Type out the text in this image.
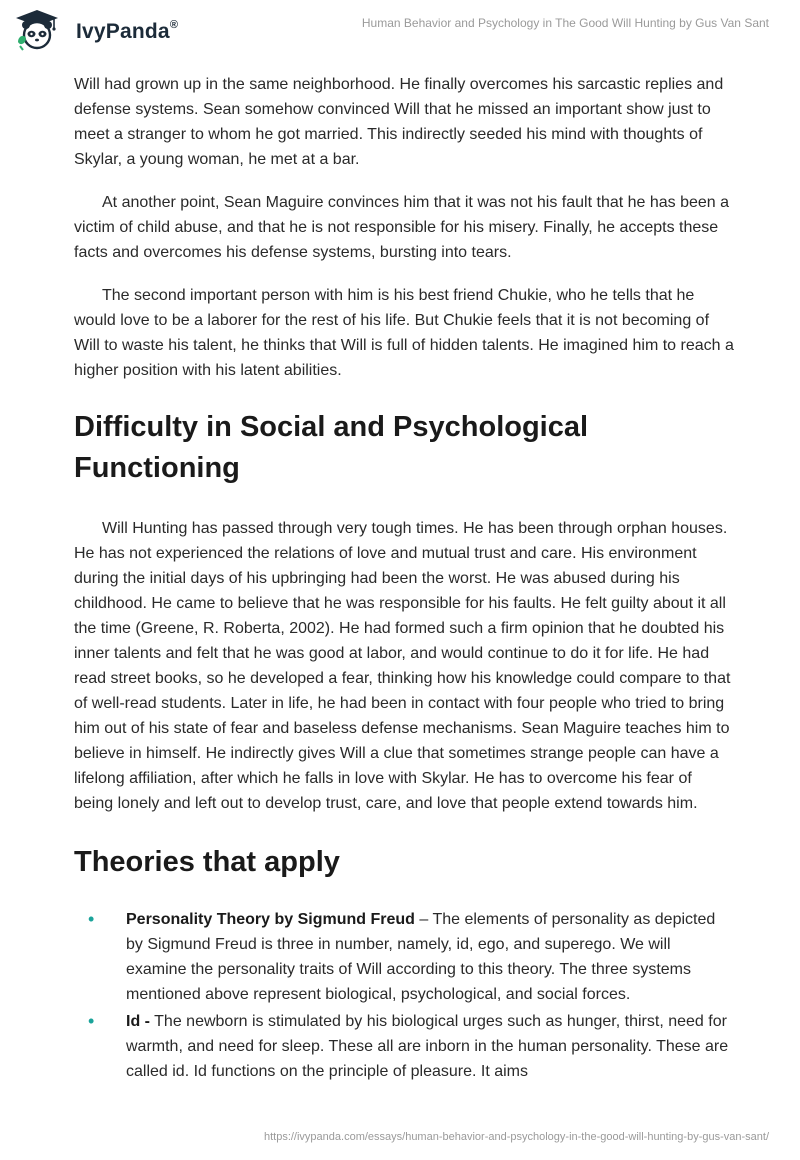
IvyPanda®	Human Behavior and Psychology in The Good Will Hunting by Gus Van Sant

Will had grown up in the same neighborhood. He finally overcomes his sarcastic replies and defense systems. Sean somehow convinced Will that he missed an important show just to meet a stranger to whom he got married. This indirectly seeded his mind with thoughts of Skylar, a young woman, he met at a bar.

At another point, Sean Maguire convinces him that it was not his fault that he has been a victim of child abuse, and that he is not responsible for his misery. Finally, he accepts these facts and overcomes his defense systems, bursting into tears.

The second important person with him is his best friend Chukie, who he tells that he would love to be a laborer for the rest of his life. But Chukie feels that it is not becoming of Will to waste his talent, he thinks that Will is full of hidden talents. He imagined him to reach a higher position with his latent abilities.

Difficulty in Social and Psychological Functioning

Will Hunting has passed through very tough times. He has been through orphan houses. He has not experienced the relations of love and mutual trust and care. His environment during the initial days of his upbringing had been the worst. He was abused during his childhood. He came to believe that he was responsible for his faults. He felt guilty about it all the time (Greene, R. Roberta, 2002). He had formed such a firm opinion that he doubted his inner talents and felt that he was good at labor, and would continue to do it for life. He had read street books, so he developed a fear, thinking how his knowledge could compare to that of well-read students. Later in life, he had been in contact with four people who tried to bring him out of his state of fear and baseless defense mechanisms. Sean Maguire teaches him to believe in himself. He indirectly gives Will a clue that sometimes strange people can have a lifelong affiliation, after which he falls in love with Skylar. He has to overcome his fear of being lonely and left out to develop trust, care, and love that people extend towards him.

Theories that apply
• Personality Theory by Sigmund Freud – The elements of personality as depicted by Sigmund Freud is three in number, namely, id, ego, and superego. We will examine the personality traits of Will according to this theory. The three systems mentioned above represent biological, psychological, and social forces.
• Id - The newborn is stimulated by his biological urges such as hunger, thirst, need for warmth, and need for sleep. These all are inborn in the human personality. These are called id. Id functions on the principle of pleasure. It aims
https://ivypanda.com/essays/human-behavior-and-psychology-in-the-good-will-hunting-by-gus-van-sant/
